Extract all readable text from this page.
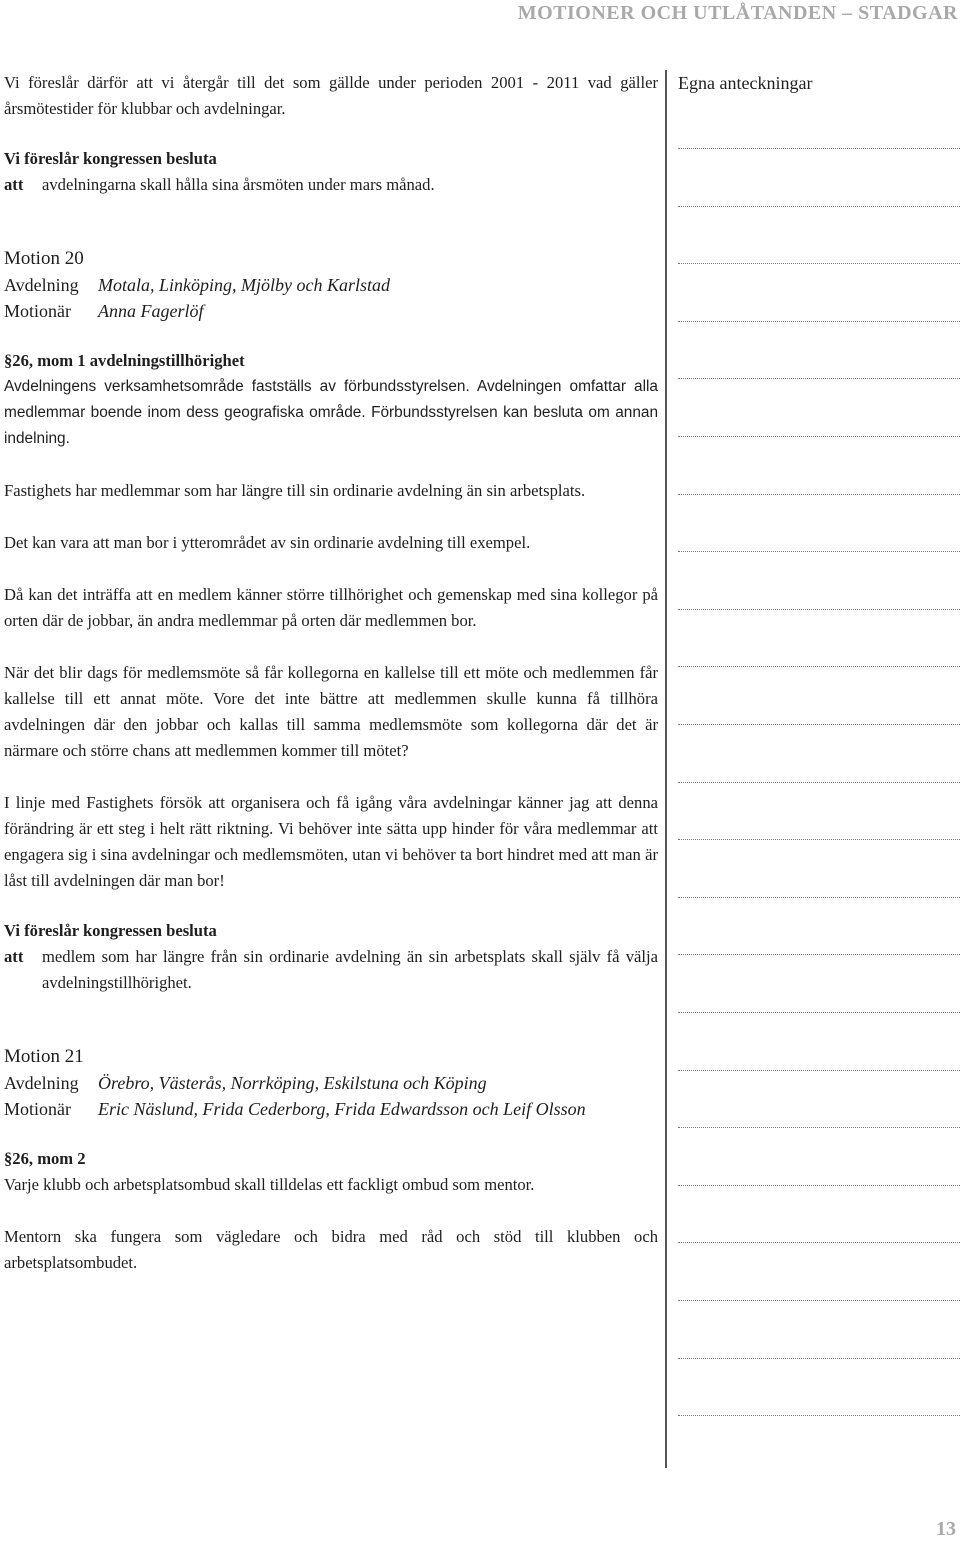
MOTIONER OCH UTLÅTANDEN – STADGAR

Vi föreslår därför att vi återgår till det som gällde under perioden 2001 - 2011 vad gäller årsmötestider för klubbar och avdelningar.

Vi föreslår kongressen besluta

att	avdelningarna skall hålla sina årsmöten under mars månad.

Motion 20

Avdelning Motala, Linköping, Mjölby och Karlstad
Motionär Anna Fagerlöf

§26, mom 1 avdelningstillhörighet

Avdelningens verksamhetsområde fastställs av förbundsstyrelsen. Avdelningen omfattar alla medlemmar boende inom dess geografiska område. Förbundsstyrelsen kan besluta om annan indelning.

Fastighets har medlemmar som har längre till sin ordinarie avdelning än sin arbetsplats.

Det kan vara att man bor i ytterområdet av sin ordinarie avdelning till exempel.

Då kan det inträffa att en medlem känner större tillhörighet och gemenskap med sina kollegor på orten där de jobbar, än andra medlemmar på orten där medlemmen bor.

När det blir dags för medlemsmöte så får kollegorna en kallelse till ett möte och medlemmen får kallelse till ett annat möte. Vore det inte bättre att medlemmen skulle kunna få tillhöra avdelningen där den jobbar och kallas till samma medlemsmöte som kollegorna där det är närmare och större chans att medlemmen kommer till mötet?

I linje med Fastighets försök att organisera och få igång våra avdelningar känner jag att denna förändring är ett steg i helt rätt riktning. Vi behöver inte sätta upp hinder för våra medlemmar att engagera sig i sina avdelningar och medlemsmöten, utan vi behöver ta bort hindret med att man är låst till avdelningen där man bor!

Vi föreslår kongressen besluta

att	medlem som har längre från sin ordinarie avdelning än sin arbetsplats skall själv få välja avdelningstillhörighet.

Motion 21

Avdelning Örebro, Västerås, Norrköping, Eskilstuna och Köping
Motionär Eric Näslund, Frida Cederborg, Frida Edwardsson och Leif Olsson

§26, mom 2

Varje klubb och arbetsplatsombud skall tilldelas ett fackligt ombud som mentor.

Mentorn ska fungera som vägledare och bidra med råd och stöd till klubben och arbetsplatsombudet.

Egna anteckningar
13
